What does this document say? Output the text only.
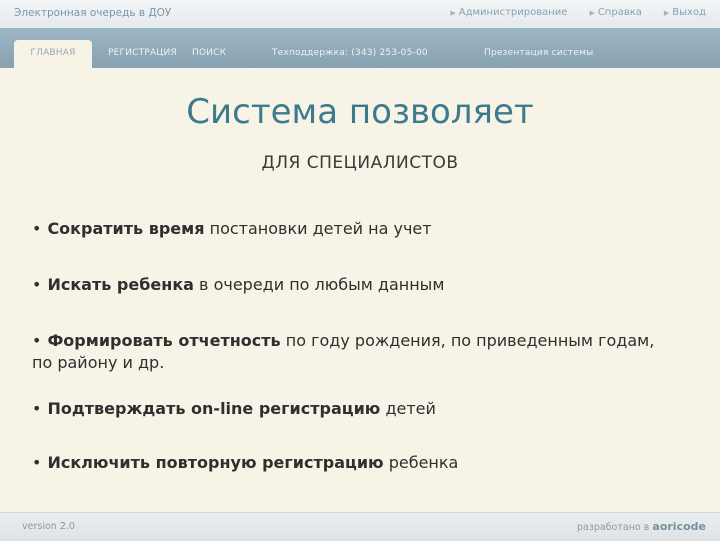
Электронная очередь в ДОУ	▶ Администрирование	▶ Справка	▶ Выход
ГЛАВНАЯ	РЕГИСТРАЦИЯ ПОИСК	Техподдержка: (343) 253-05-00	Презентация системы
Система позволяет
ДЛЯ СПЕЦИАЛИСТОВ
• Сократить время постановки детей на учет
• Искать ребенка в очереди по любым данным
• Формировать отчетность по году рождения, по приведенным годам, по району и др.
• Подтверждать on-line регистрацию детей
• Исключить повторную регистрацию ребенка
version 2.0	разработано в aoricode
